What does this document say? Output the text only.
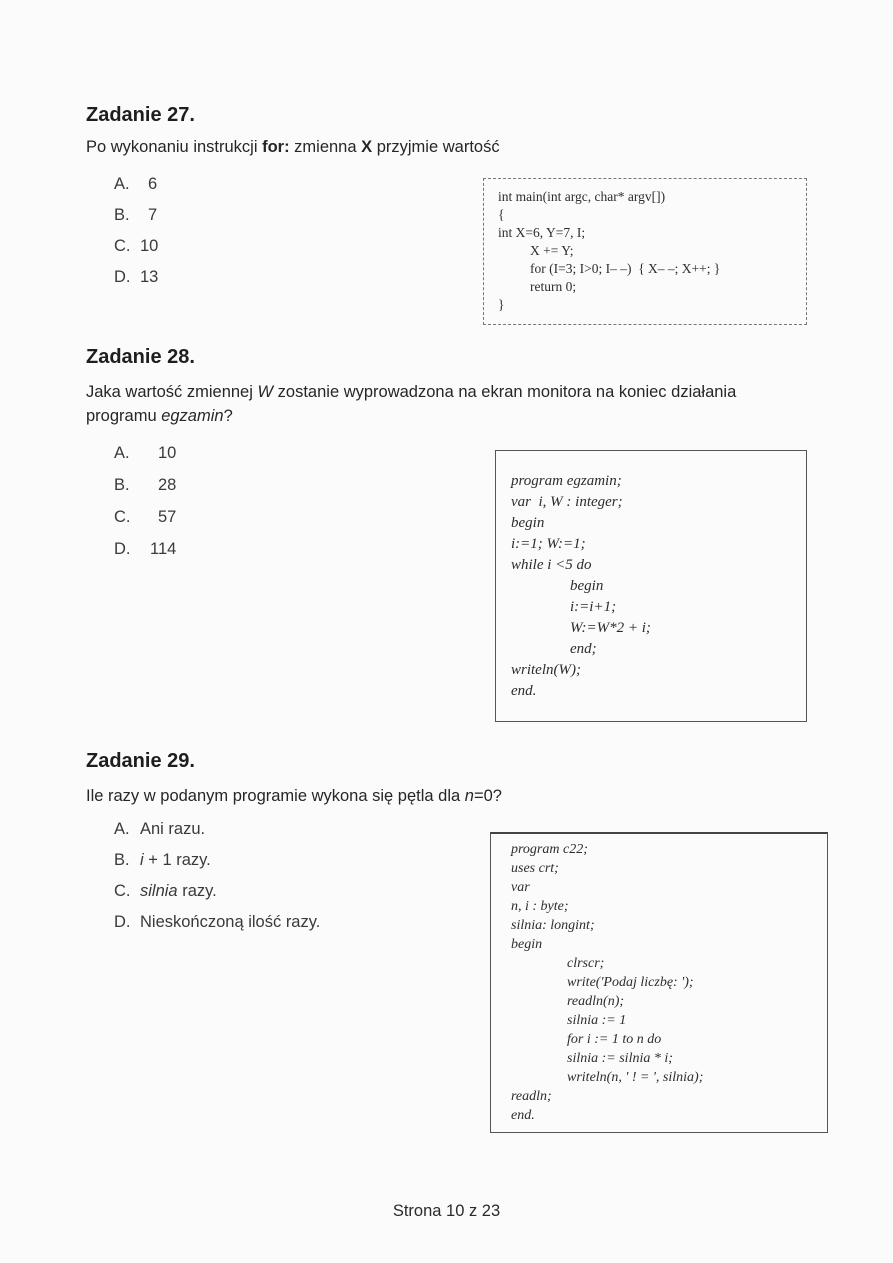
Zadanie 27.
Po wykonaniu instrukcji for: zmienna X przyjmie wartość
A. 6
B. 7
C. 10
D. 13
int main(int argc, char* argv[])
{
int X=6, Y=7, I;
X += Y;
for (I=3; I>0; I– –)  { X– –; X++; }
return 0;
}
Zadanie 28.
Jaka wartość zmiennej W zostanie wyprowadzona na ekran monitora na koniec działania
programu egzamin?
A. 10
B. 28
C. 57
D. 114
program egzamin;
var  i, W : integer;
begin
i:=1; W:=1;
while i <5 do
begin
i:=i+1;
W:=W*2 + i;
end;
writeln(W);
end.
Zadanie 29.
Ile razy w podanym programie wykona się pętla dla n=0?
A. Ani razu.
B. i + 1 razy.
C. silnia razy.
D. Nieskończoną ilość razy.
program c22;
uses crt;
var
n, i : byte;
silnia: longint;
begin
clrscr;
write('Podaj liczbę: ');
readln(n);
silnia := 1
for i := 1 to n do
silnia := silnia * i;
writeln(n, ' ! = ', silnia);
readln;
end.
Strona 10 z 23
